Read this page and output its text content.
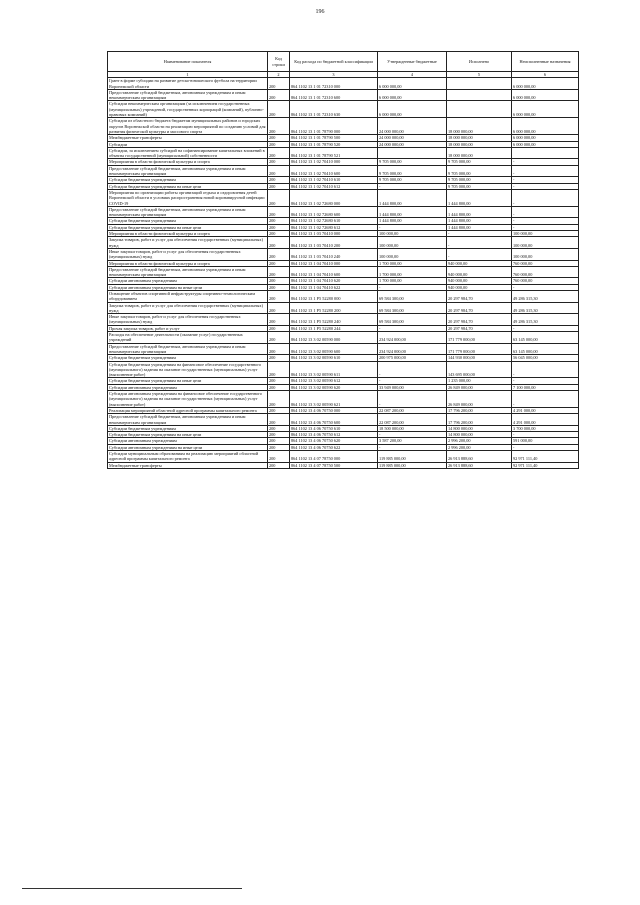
196
Наименование показателя	Код строки	Код расхода по бюджетной классификации	Утвержденные бюджетные	Исполнено	Неисполненные назначения
1	2	3	4	5	6
Грант в форме субсидии на развитие детско-юношеского футбола на территории Воронежской области	200	864 1102 13 1 01 72310 000	6 000 000,00		6 000 000,00
Предоставление субсидий бюджетным, автономным учреждениям и иным некоммерческим организациям	200	864 1102 13 1 01 72310 600	6 000 000,00		6 000 000,00
Субсидии некоммерческим организациям (за исключением государственных (муниципальных) учреждений, государственных корпораций (компаний), публично-правовых компаний)	200	864 1102 13 1 01 72310 630	6 000 000,00		6 000 000,00
Субсидии из областного бюджета бюджетам муниципальных районов и городских округов Воронежской области на реализацию мероприятий по созданию условий для развития физической культуры и массового спорта	200	864 1102 13 1 01 78790 000	24 000 000,00	18 000 000,00	6 000 000,00
Межбюджетные трансферты	200	864 1102 13 1 01 78790 500	24 000 000,00	18 000 000,00	6 000 000,00
Субсидии	200	864 1102 13 1 01 78790 520	24 000 000,00	18 000 000,00	6 000 000,00
Субсидии, за исключением субсидий на софинансирование капитальных вложений в объекты государственной (муниципальной) собственности	200	864 1102 13 1 01 78790 521		18 000 000,00	
Мероприятия в области физической культуры и спорта	200	864 1102 13 1 02 70410 000	9 705 000,00	9 705 000,00	-
Предоставление субсидий бюджетным, автономным учреждениям и иным некоммерческим организациям	200	864 1102 13 1 02 70410 600	9 705 000,00	9 705 000,00	-
Субсидии бюджетным учреждениям	200	864 1102 13 1 02 70410 610	9 705 000,00	9 705 000,00	-
Субсидии бюджетным учреждениям на иные цели	200	864 1102 13 1 02 70410 612	-	9 705 000,00	-
Мероприятия по организации работы организаций отдыха и оздоровления детей Воронежской области в условиях распространения новой коронавирусной инфекции COVID-19	200	864 1102 13 1 02 72680 000	1 444 800,00	1 444 800,00	-
Предоставление субсидий бюджетным, автономным учреждениям и иным некоммерческим организациям	200	864 1102 13 1 02 72680 600	1 444 800,00	1 444 800,00	-
Субсидии бюджетным учреждениям	200	864 1102 13 1 02 72680 610	1 444 800,00	1 444 800,00	-
Субсидии бюджетным учреждениям на иные цели	200	864 1102 13 1 02 72680 612	-	1 444 800,00	-
Мероприятия в области физической культуры и спорта	200	864 1102 13 1 03 70410 000	100 000,00	-	100 000,00
Закупка товаров, работ и услуг для обеспечения государственных (муниципальных) нужд	200	864 1102 13 1 03 70410 200	100 000,00	-	100 000,00
Иные закупки товаров, работ и услуг для обеспечения государственных (муниципальных) нужд	200	864 1102 13 1 03 70410 240	100 000,00	-	100 000,00
Мероприятия в области физической культуры и спорта	200	864 1102 13 1 04 70410 000	1 700 000,00	940 000,00	760 000,00
Предоставление субсидий бюджетным, автономным учреждениям и иным некоммерческим организациям	200	864 1102 13 1 04 70410 600	1 700 000,00	940 000,00	760 000,00
Субсидии автономным учреждениям	200	864 1102 13 1 04 70410 620	1 700 000,00	940 000,00	760 000,00
Субсидии автономным учреждениям на иные цели	200	864 1102 13 1 04 70410 622	-	940 000,00	-
Оснащение объектов спортивной инфраструктуры спортивно-технологическим оборудованием	200	864 1102 13 1 P5 52280 000	69 584 300,00	20 297 984,70	49 286 315,30
Закупка товаров, работ и услуг для обеспечения государственных (муниципальных) нужд	200	864 1102 13 1 P5 52280 200	69 584 300,00	20 297 984,70	49 286 315,30
Иные закупки товаров, работ и услуг для обеспечения государственных (муниципальных) нужд	200	864 1102 13 1 P5 52280 240	69 584 300,00	20 297 984,70	49 286 315,30
Прочая закупка товаров, работ и услуг	200	864 1102 13 1 P5 52280 244	-	20 297 984,70	-
Расходы на обеспечение деятельности (оказание услуг) государственных учреждений	200	864 1102 13 3 02 00590 000	234 924 000,00	171 779 000,00	63 145 000,00
Предоставление субсидий бюджетным, автономным учреждениям и иным некоммерческим организациям	200	864 1102 13 3 02 00590 600	234 924 000,00	171 779 000,00	63 145 000,00
Субсидии бюджетным учреждениям	200	864 1102 13 3 02 00590 610	200 975 000,00	144 930 000,00	56 045 000,00
Субсидии бюджетным учреждениям на финансовое обеспечение государственного (муниципального) задания на оказание государственных (муниципальных) услуг (выполнение работ)	200	864 1102 13 3 02 00590 611	-	143 695 000,00	-
Субсидии бюджетным учреждениям на иные цели	200	864 1102 13 3 02 00590 612	-	1 235 000,00	-
Субсидии автономным учреждениям	200	864 1102 13 3 02 00590 620	33 949 000,00	26 849 000,00	7 100 000,00
Субсидии автономным учреждениям на финансовое обеспечение государственного (муниципального) задания на оказание государственных (муниципальных) услуг (выполнение работ)	200	864 1102 13 3 02 00590 621	-	26 849 000,00	-
Реализация мероприятий областной адресной программы капитального ремонта	200	864 1102 13 4 06 70750 000	22 087 200,00	17 796 200,00	4 291 000,00
Предоставление субсидий бюджетным, автономным учреждениям и иным некоммерческим организациям	200	864 1102 13 4 06 70750 600	22 087 200,00	17 796 200,00	4 291 000,00
Субсидии бюджетным учреждениям	200	864 1102 13 4 06 70750 610	18 500 000,00	14 800 000,00	3 700 000,00
Субсидии бюджетным учреждениям на иные цели	200	864 1102 13 4 06 70750 612	-	14 800 000,00	-
Субсидии автономным учреждениям	200	864 1102 13 4 06 70750 620	3 587 200,00	2 996 200,00	591 000,00
Субсидии автономным учреждениям на иные цели	200	864 1102 13 4 06 70750 622	-	2 996 200,00	-
Субсидии муниципальным образованиям на реализацию мероприятий областной адресной программы капитального ремонта	200	864 1102 13 4 07 78750 000	119 885 000,00	26 913 888,60	92 971 111,40
Межбюджетные трансферты	200	864 1102 13 4 07 78750 500	119 885 000,00	26 913 888,60	92 971 111,40
